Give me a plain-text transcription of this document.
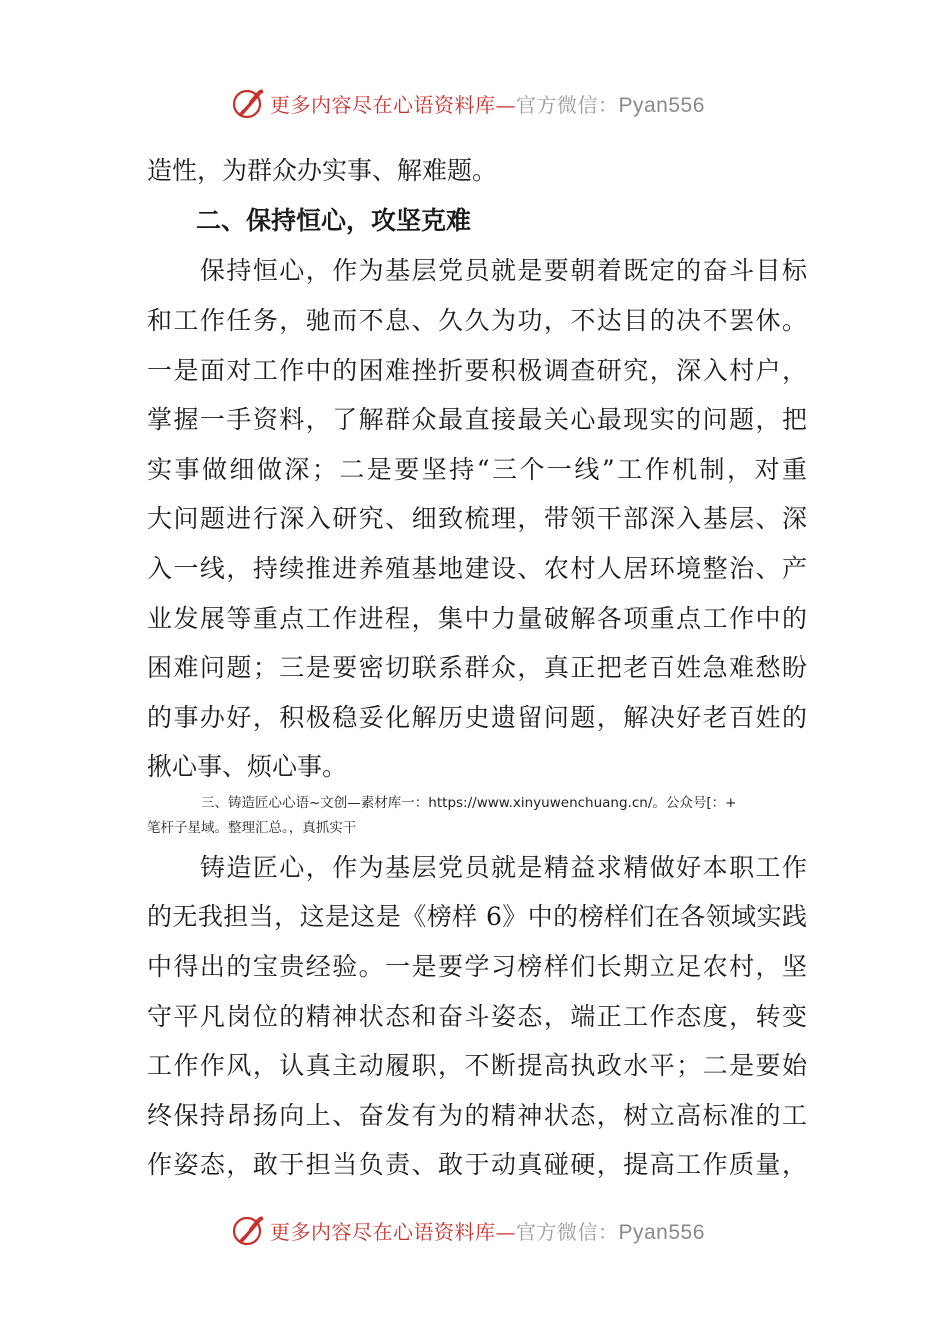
更多内容尽在心语资料库—官方微信：Pyan556
造性，为群众办实事、解难题。
二、保持恒心，攻坚克难
　　保持恒心，作为基层党员就是要朝着既定的奋斗目标
和工作任务，驰而不息、久久为功，不达目的决不罢休。
一是面对工作中的困难挫折要积极调查研究，深入村户，
掌握一手资料，了解群众最直接最关心最现实的问题，把
实事做细做深；二是要坚持“三个一线”工作机制，对重
大问题进行深入研究、细致梳理，带领干部深入基层、深
入一线，持续推进养殖基地建设、农村人居环境整治、产
业发展等重点工作进程，集中力量破解各项重点工作中的
困难问题；三是要密切联系群众，真正把老百姓急难愁盼
的事办好，积极稳妥化解历史遗留问题，解决好老百姓的
揪心事、烦心事。
　　　　三、铸造匠心心语~文创—素材库一：https://www.xinyuwenchuang.cn/。公众号[：+
笔杆子星域。整理汇总。，真抓实干
　　铸造匠心，作为基层党员就是精益求精做好本职工作
的无我担当，这是这是《榜样 6》中的榜样们在各领域实践
中得出的宝贵经验。一是要学习榜样们长期立足农村，坚
守平凡岗位的精神状态和奋斗姿态，端正工作态度，转变
工作作风，认真主动履职，不断提高执政水平；二是要始
终保持昂扬向上、奋发有为的精神状态，树立高标准的工
作姿态，敢于担当负责、敢于动真碰硬，提高工作质量，
更多内容尽在心语资料库—官方微信：Pyan556
